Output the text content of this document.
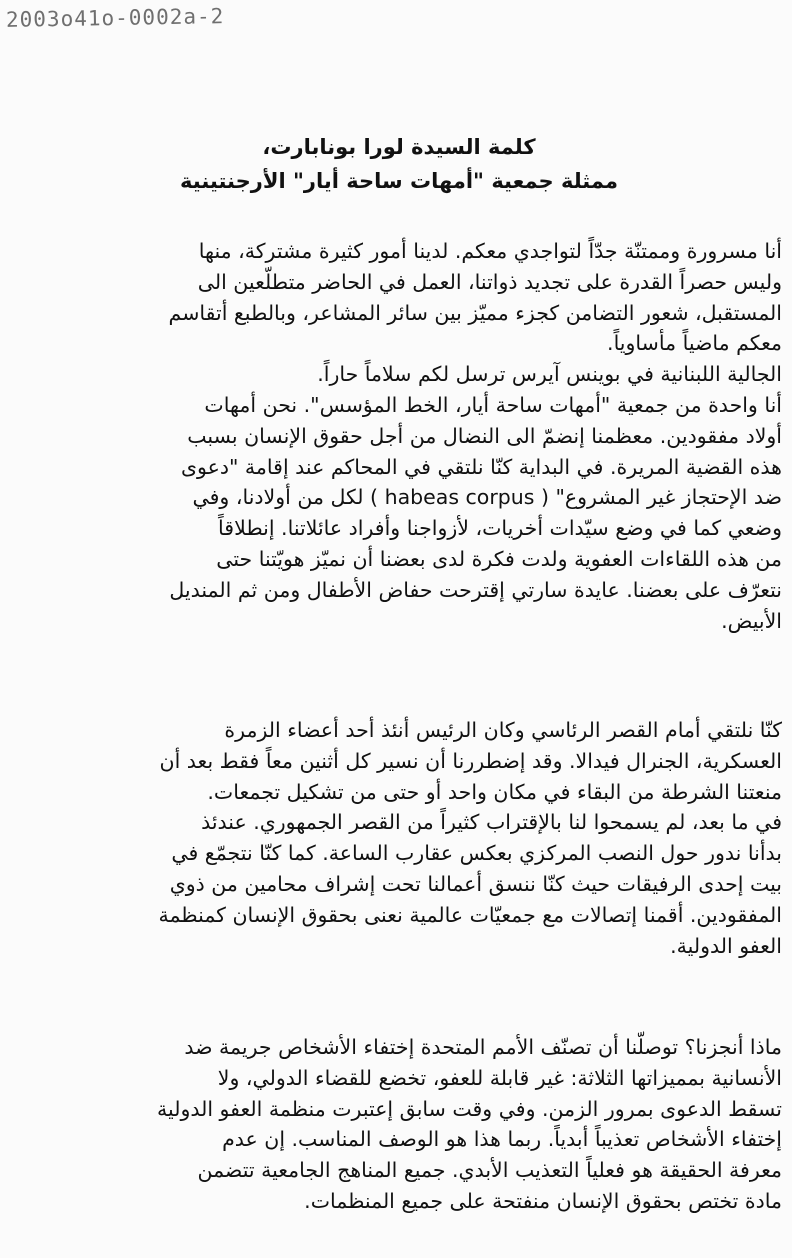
2003o41o-0002a-2

كلمة السيدة لورا بونابارت،
ممثلة جمعية "أمهات ساحة أيار" الأرجنتينية
أنا مسرورة وممتنّة جدّاً لتواجدي معكم. لدينا أمور كثيرة مشتركة، منها
وليس حصراً القدرة على تجديد ذواتنا، العمل في الحاضر متطلّعين الى
المستقبل، شعور التضامن كجزء مميّز بين سائر المشاعر، وبالطبع أتقاسم
معكم ماضياً مأساوياً.
الجالية اللبنانية في بوينس آيرس ترسل لكم سلاماً حاراً.
أنا واحدة من جمعية "أمهات ساحة أيار، الخط المؤسس". نحن أمهات
أولاد مفقودين. معظمنا إنضمّ الى النضال من أجل حقوق الإنسان بسبب
هذه القضية المريرة. في البداية كنّا نلتقي في المحاكم عند إقامة "دعوى
ضد الإحتجاز غير المشروع" ( habeas corpus ) لكل من أولادنا، وفي
وضعي كما في وضع سيّدات أخريات، لأزواجنا وأفراد عائلاتنا. إنطلاقاً
من هذه اللقاءات العفوية ولدت فكرة لدى بعضنا أن نميّز هويّتنا حتى
نتعرّف على بعضنا. عايدة سارتي إقترحت حفاض الأطفال ومن ثم المنديل
الأبيض.
كنّا نلتقي أمام القصر الرئاسي وكان الرئيس أنئذ أحد أعضاء الزمرة
العسكرية، الجنرال فيدالا. وقد إضطررنا أن نسير كل أثنين معاً فقط بعد أن
منعتنا الشرطة من البقاء في مكان واحد أو حتى من تشكيل تجمعات.
في ما بعد، لم يسمحوا لنا بالإقتراب كثيراً من القصر الجمهوري. عندئذ
بدأنا ندور حول النصب المركزي بعكس عقارب الساعة. كما كنّا نتجمّع في
بيت إحدى الرفيقات حيث كنّا ننسق أعمالنا تحت إشراف محامين من ذوي
المفقودين. أقمنا إتصالات مع جمعيّات عالمية نعنى بحقوق الإنسان كمنظمة
العفو الدولية.
ماذا أنجزنا؟ توصلّنا أن تصنّف الأمم المتحدة إختفاء الأشخاص جريمة ضد
الأنسانية بمميزاتها الثلاثة: غير قابلة للعفو، تخضع للقضاء الدولي، ولا
تسقط الدعوى بمرور الزمن. وفي وقت سابق إعتبرت منظمة العفو الدولية
إختفاء الأشخاص تعذيباً أبدياً. ربما هذا هو الوصف المناسب. إن عدم
معرفة الحقيقة هو فعلياً التعذيب الأبدي. جميع المناهج الجامعية تتضمن
مادة تختص بحقوق الإنسان منفتحة على جميع المنظمات.
